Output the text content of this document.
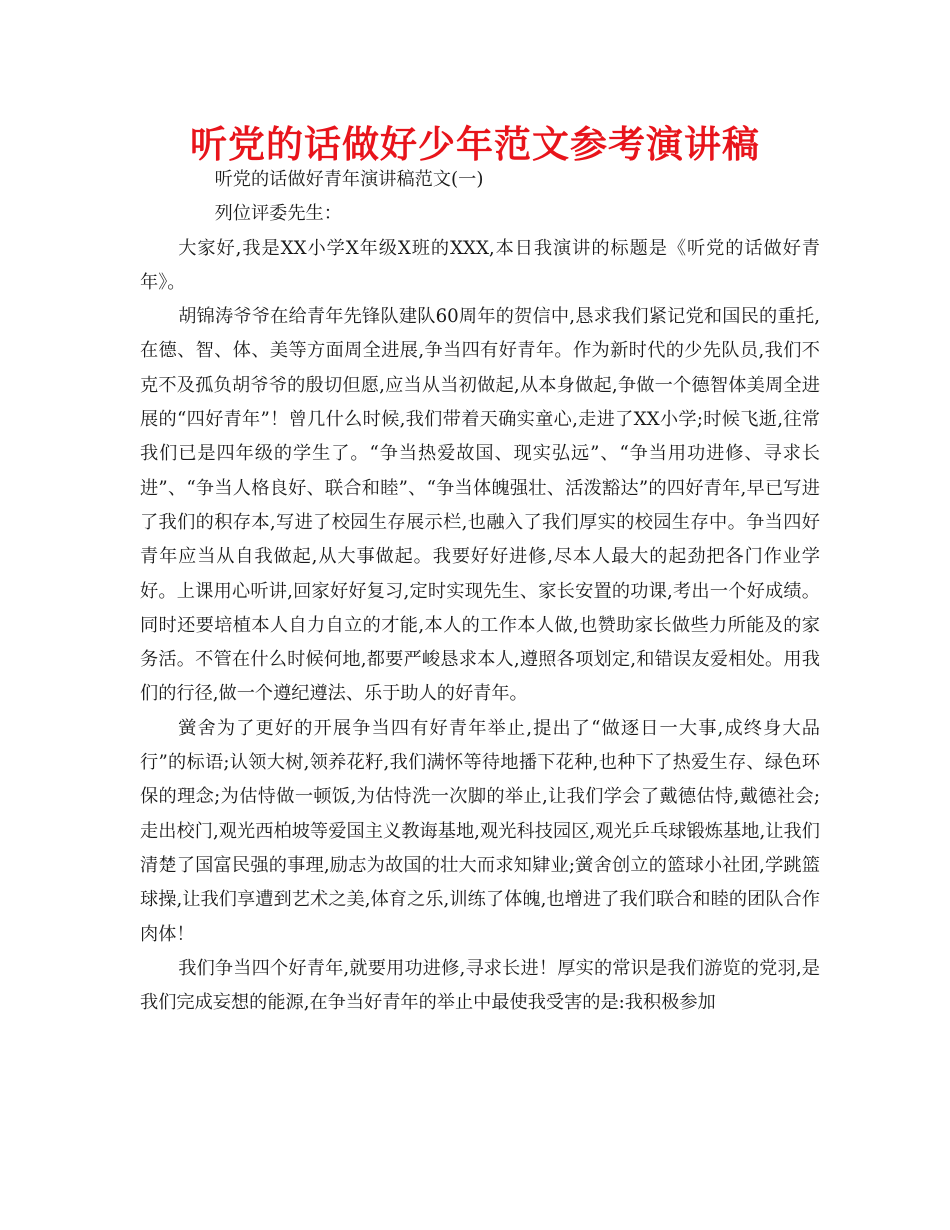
听党的话做好少年范文参考演讲稿

听党的话做好青年演讲稿范文(一)

列位评委先生：

大家好,我是XX小学X年级X班的XXX,本日我演讲的标题是《听党的话做好青年》。

胡锦涛爷爷在给青年先锋队建队60周年的贺信中,恳求我们紧记党和国民的重托,在德、智、体、美等方面周全进展,争当四有好青年。作为新时代的少先队员,我们不克不及孤负胡爷爷的殷切但愿,应当从当初做起,从本身做起,争做一个德智体美周全进展的“四好青年”！曾几什么时候,我们带着天确实童心,走进了XX小学;时候飞逝,往常我们已是四年级的学生了。“争当热爱故国、现实弘远”、“争当用功进修、寻求长进”、“争当人格良好、联合和睦”、“争当体魄强壮、活泼豁达”的四好青年,早已写进了我们的积存本,写进了校园生存展示栏,也融入了我们厚实的校园生存中。争当四好青年应当从自我做起,从大事做起。我要好好进修,尽本人最大的起劲把各门作业学好。上课用心听讲,回家好好复习,定时实现先生、家长安置的功课,考出一个好成绩。同时还要培植本人自力自立的才能,本人的工作本人做,也赞助家长做些力所能及的家务活。不管在什么时候何地,都要严峻恳求本人,遵照各项划定,和错误友爱相处。用我们的行径,做一个遵纪遵法、乐于助人的好青年。

黉舍为了更好的开展争当四有好青年举止,提出了“做逐日一大事,成终身大品行”的标语;认领大树,领养花籽,我们满怀等待地播下花种,也种下了热爱生存、绿色环保的理念;为估恃做一顿饭,为估恃洗一次脚的举止,让我们学会了戴德估恃,戴德社会;走出校门,观光西柏坡等爱国主义教诲基地,观光科技园区,观光乒乓球锻炼基地,让我们清楚了国富民强的事理,励志为故国的壮大而求知肄业;黉舍创立的篮球小社团,学跳篮球操,让我们享遭到艺术之美,体育之乐,训练了体魄,也增进了我们联合和睦的团队合作肉体！

我们争当四个好青年,就要用功进修,寻求长进！厚实的常识是我们游览的党羽,是我们完成妄想的能源,在争当好青年的举止中最使我受害的是:我积极参加
